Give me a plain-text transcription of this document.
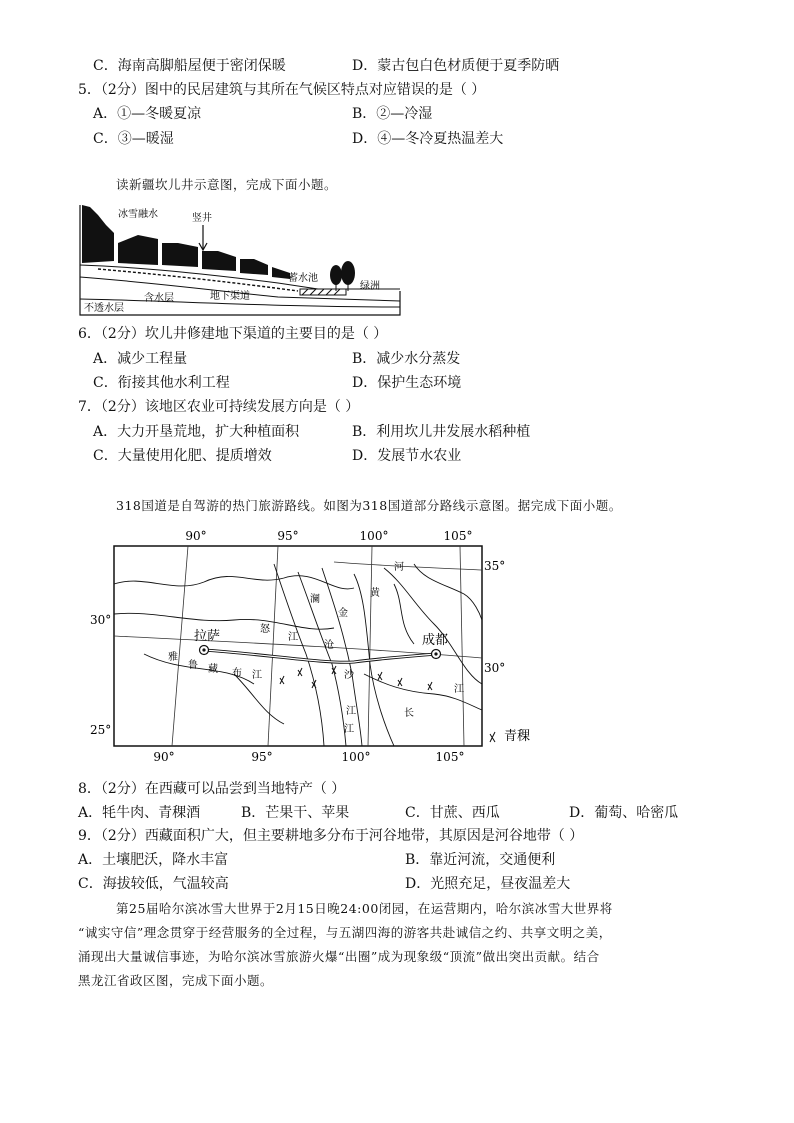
C．海南高脚船屋便于密闭保暖	D．蒙古包白色材质便于夏季防晒
5．（2分）图中的民居建筑与其所在气候区特点对应错误的是（ ）
A．①—冬暖夏凉	B．②—冷湿
C．③—暖湿	D．④—冬冷夏热温差大
读新疆坎儿井示意图，完成下面小题。
冰雪融水	竖井
蓄水池
绿洲
含水层	地下渠道
不透水层
6．（2分）坎儿井修建地下渠道的主要目的是（ ）
A．减少工程量	B．减少水分蒸发
C．衔接其他水利工程	D．保护生态环境
7．（2分）该地区农业可持续发展方向是（ ）
A．大力开垦荒地，扩大种植面积	B．利用坎儿井发展水稻种植
C．大量使用化肥、提质增效	D．发展节水农业
318国道是自驾游的热门旅游路线。如图为318国道部分路线示意图。据完成下面小题。
90°	95°	100°	105°
90°	95°	100°	105°
30°
25°
35°
30°
拉萨	成都
雅
鲁 藏 布 江
怒
江
澜
沧
江
金
沙
江	长
江
黄
河
青稞
8．（2分）在西藏可以品尝到当地特产（ ）
A．牦牛肉、青稞酒	B．芒果干、苹果	C．甘蔗、西瓜	D．葡萄、哈密瓜
9．（2分）西藏面积广大，但主要耕地多分布于河谷地带，其原因是河谷地带（ ）
A．土壤肥沃，降水丰富	B．靠近河流，交通便利
C．海拔较低，气温较高	D．光照充足，昼夜温差大
第25届哈尔滨冰雪大世界于2月15日晚24:00闭园，在运营期内，哈尔滨冰雪大世界将
“诚实守信”理念贯穿于经营服务的全过程，与五湖四海的游客共赴诚信之约、共享文明之美，
涌现出大量诚信事迹，为哈尔滨冰雪旅游火爆“出圈”成为现象级“顶流”做出突出贡献。结合
黑龙江省政区图，完成下面小题。
